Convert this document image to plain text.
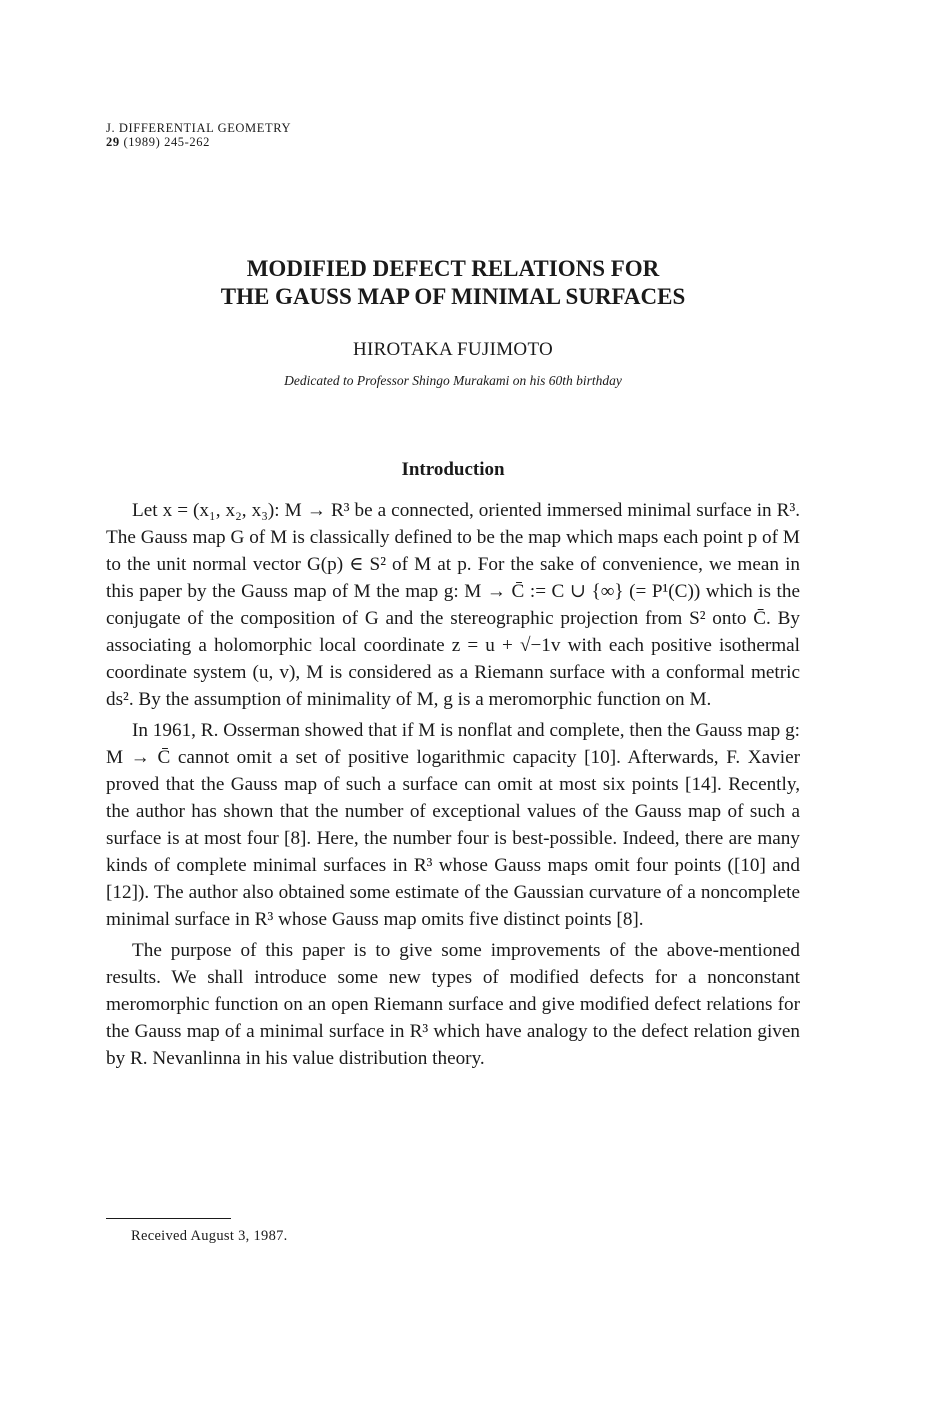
J. DIFFERENTIAL GEOMETRY
29 (1989) 245-262
MODIFIED DEFECT RELATIONS FOR
THE GAUSS MAP OF MINIMAL SURFACES
HIROTAKA FUJIMOTO
Dedicated to Professor Shingo Murakami on his 60th birthday
Introduction

Let x = (x₁, x₂, x₃): M → R³ be a connected, oriented immersed minimal surface in R³. The Gauss map G of M is classically defined to be the map which maps each point p of M to the unit normal vector G(p) ∈ S² of M at p. For the sake of convenience, we mean in this paper by the Gauss map of M the map g: M → C̄ := C ∪ {∞} (= P¹(C)) which is the conjugate of the composition of G and the stereographic projection from S² onto C̄. By associating a holomorphic local coordinate z = u + √−1v with each positive isothermal coordinate system (u, v), M is considered as a Riemann surface with a conformal metric ds². By the assumption of minimality of M, g is a meromorphic function on M.

In 1961, R. Osserman showed that if M is nonflat and complete, then the Gauss map g: M → C̄ cannot omit a set of positive logarithmic capacity [10]. Afterwards, F. Xavier proved that the Gauss map of such a surface can omit at most six points [14]. Recently, the author has shown that the number of exceptional values of the Gauss map of such a surface is at most four [8]. Here, the number four is best-possible. Indeed, there are many kinds of complete minimal surfaces in R³ whose Gauss maps omit four points ([10] and [12]). The author also obtained some estimate of the Gaussian curvature of a noncomplete minimal surface in R³ whose Gauss map omits five distinct points [8].

The purpose of this paper is to give some improvements of the above-mentioned results. We shall introduce some new types of modified defects for a nonconstant meromorphic function on an open Riemann surface and give modified defect relations for the Gauss map of a minimal surface in R³ which have analogy to the defect relation given by R. Nevanlinna in his value distribution theory.

Received August 3, 1987.
